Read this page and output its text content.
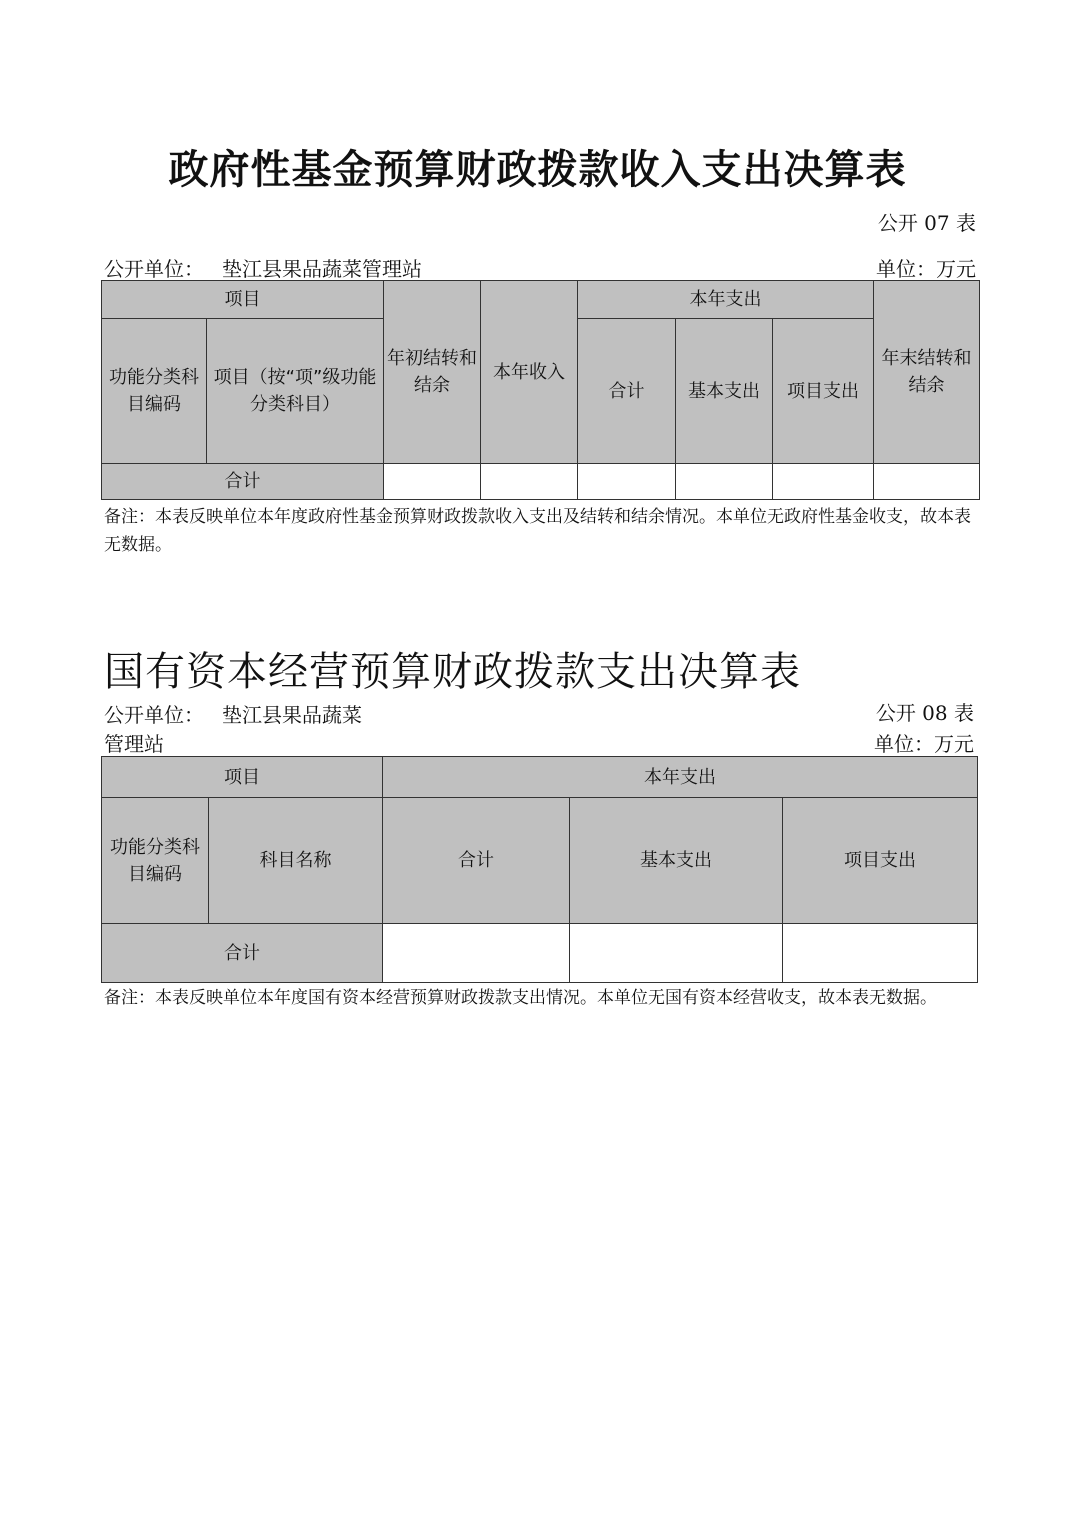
政府性基金预算财政拨款收入支出决算表
公开 07 表
公开单位： 垫江县果品蔬菜管理站	单位：万元
项目		年初结转和结余	本年收入	本年支出			年末结转和结余
功能分类科目编码	项目（按“项”级功能分类科目）			合计	基本支出	项目支出	
合计							
备注：本表反映单位本年度政府性基金预算财政拨款收入支出及结转和结余情况。本单位无政府性基金收支，故本表无数据。
国有资本经营预算财政拨款支出决算表
公开单位： 垫江县果品蔬菜
管理站
公开 08 表
单位：万元
项目		本年支出		
功能分类科目编码	科目名称	合计	基本支出	项目支出
合计				
备注：本表反映单位本年度国有资本经营预算财政拨款支出情况。本单位无国有资本经营收支，故本表无数据。
